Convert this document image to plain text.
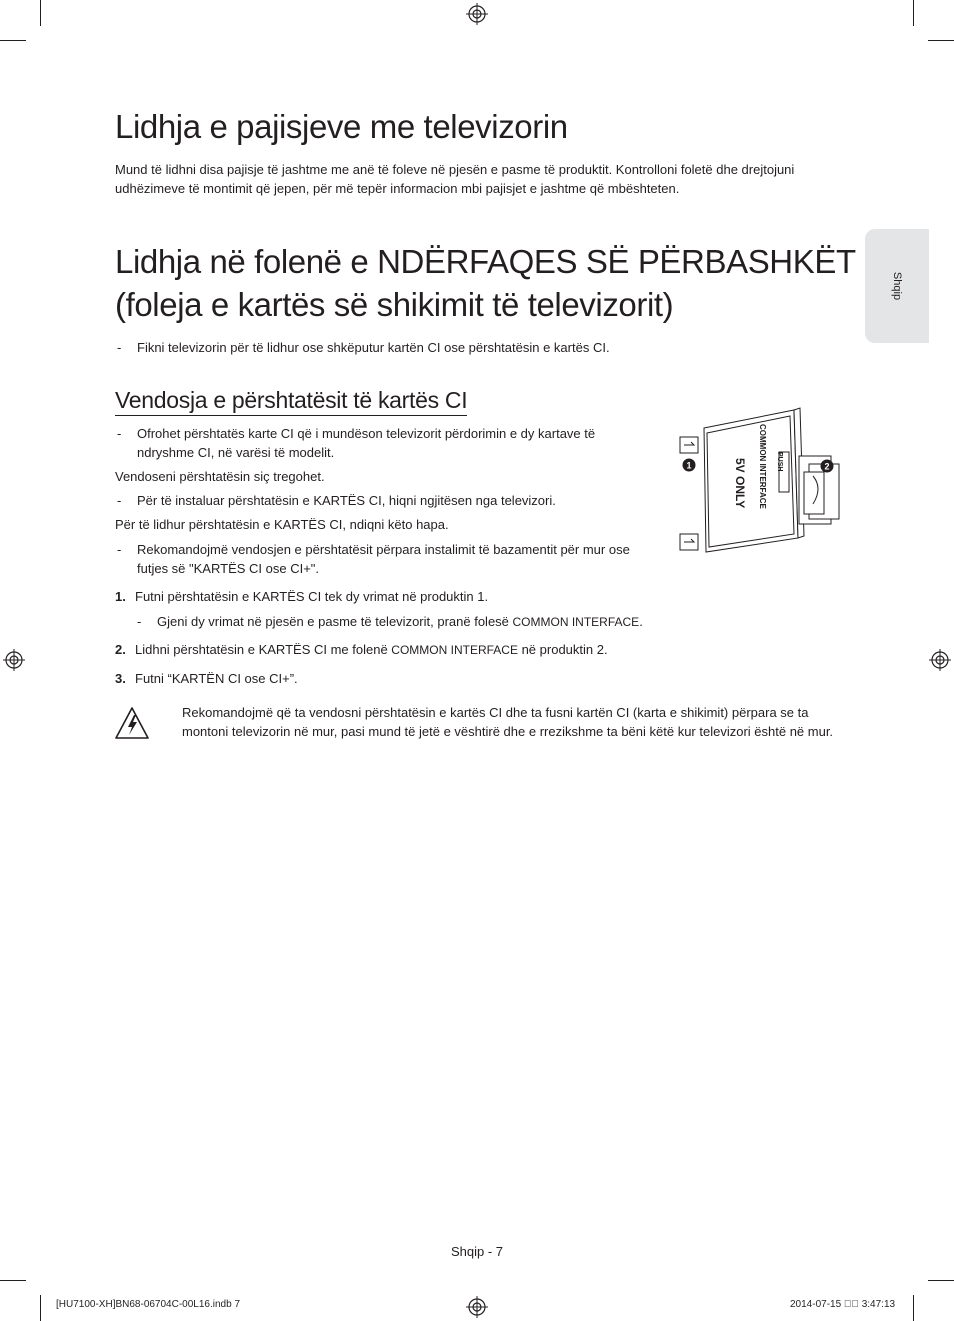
Shqip
Lidhja e pajisjeve me televizorin

Mund të lidhni disa pajisje të jashtme me anë të foleve në pjesën e pasme të produktit. Kontrolloni foletë dhe drejtojuni udhëzimeve të montimit që jepen, për më tepër informacion mbi pajisjet e jashtme që mbështeten.

Lidhja në folenë e NDËRFAQES SË PËRBASHKËT
(foleja e kartës së shikimit të televizorit)
-	Fikni televizorin për të lidhur ose shkëputur kartën CI ose përshtatësin e kartës CI.
Vendosja e përshtatësit të kartës CI
-	Ofrohet përshtatës karte CI që i mundëson televizorit përdorimin e dy kartave të ndryshme CI, në varësi të modelit.

Vendoseni përshtatësin siç tregohet.

-	Për të instaluar përshtatësin e KARTËS CI, hiqni ngjitësen nga televizori.

Për të lidhur përshtatësin e KARTËS CI, ndiqni këto hapa.

-	Rekomandojmë vendosjen e përshtatësit përpara instalimit të bazamentit për mur ose futjes së "KARTËS CI ose CI+".
1. Futni përshtatësin e KARTËS CI tek dy vrimat në produktin 1.
-	Gjeni dy vrimat në pjesën e pasme të televizorit, pranë folesë COMMON INTERFACE.
2. Lidhni përshtatësin e KARTËS CI me folenë COMMON INTERFACE në produktin 2.
3. Futni “KARTËN CI ose CI+”.

Rekomandojmë që ta vendosni përshtatësin e kartës CI dhe ta fusni kartën CI (karta e shikimit) përpara se ta montoni televizorin në mur, pasi mund të jetë e vështirë dhe e rrezikshme ta bëni këtë kur televizori është në mur.

COMMON INTERFACE PUSH
5V ONLY
1	2
Shqip - 7
[HU7100-XH]BN68-06704C-00L16.indb 7	2014-07-15 ￿￿ 3:47:13
